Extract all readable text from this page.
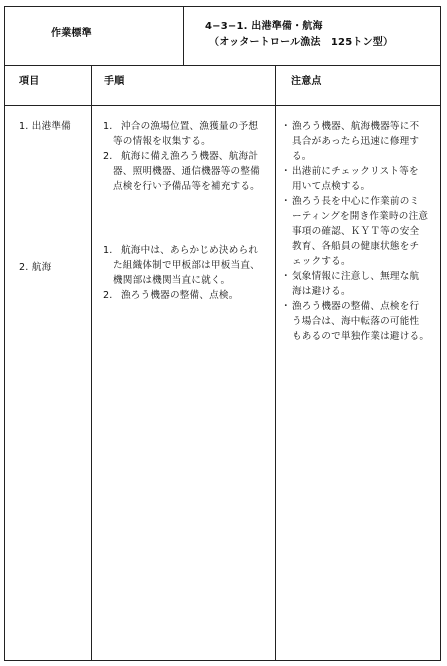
作業標準
4−3−1. 出港準備・航海
（オッタートロール漁法　125トン型）
項目	手順	注意点
1. 出港準備
2. 航海
1. 沖合の漁場位置、漁獲量の予想
等の情報を収集する。
2. 航海に備え漁ろう機器、航海計
器、照明機器、通信機器等の整備
点検を行い予備品等を補充する。
1. 航海中は、あらかじめ決められ
た組織体制で甲板部は甲板当直、
機関部は機関当直に就く。
2. 漁ろう機器の整備、点検。
・ 漁ろう機器、航海機器等に不
具合があったら迅速に修理す
る。
・ 出港前にチェックリスト等を
用いて点検する。
・ 漁ろう長を中心に作業前のミ
ーティングを開き作業時の注意
事項の確認、ＫＹＴ等の安全
教育、各船員の健康状態をチ
ェックする。
・ 気象情報に注意し、無理な航
海は避ける。
・ 漁ろう機器の整備、点検を行
う場合は、海中転落の可能性
もあるので単独作業は避ける。
